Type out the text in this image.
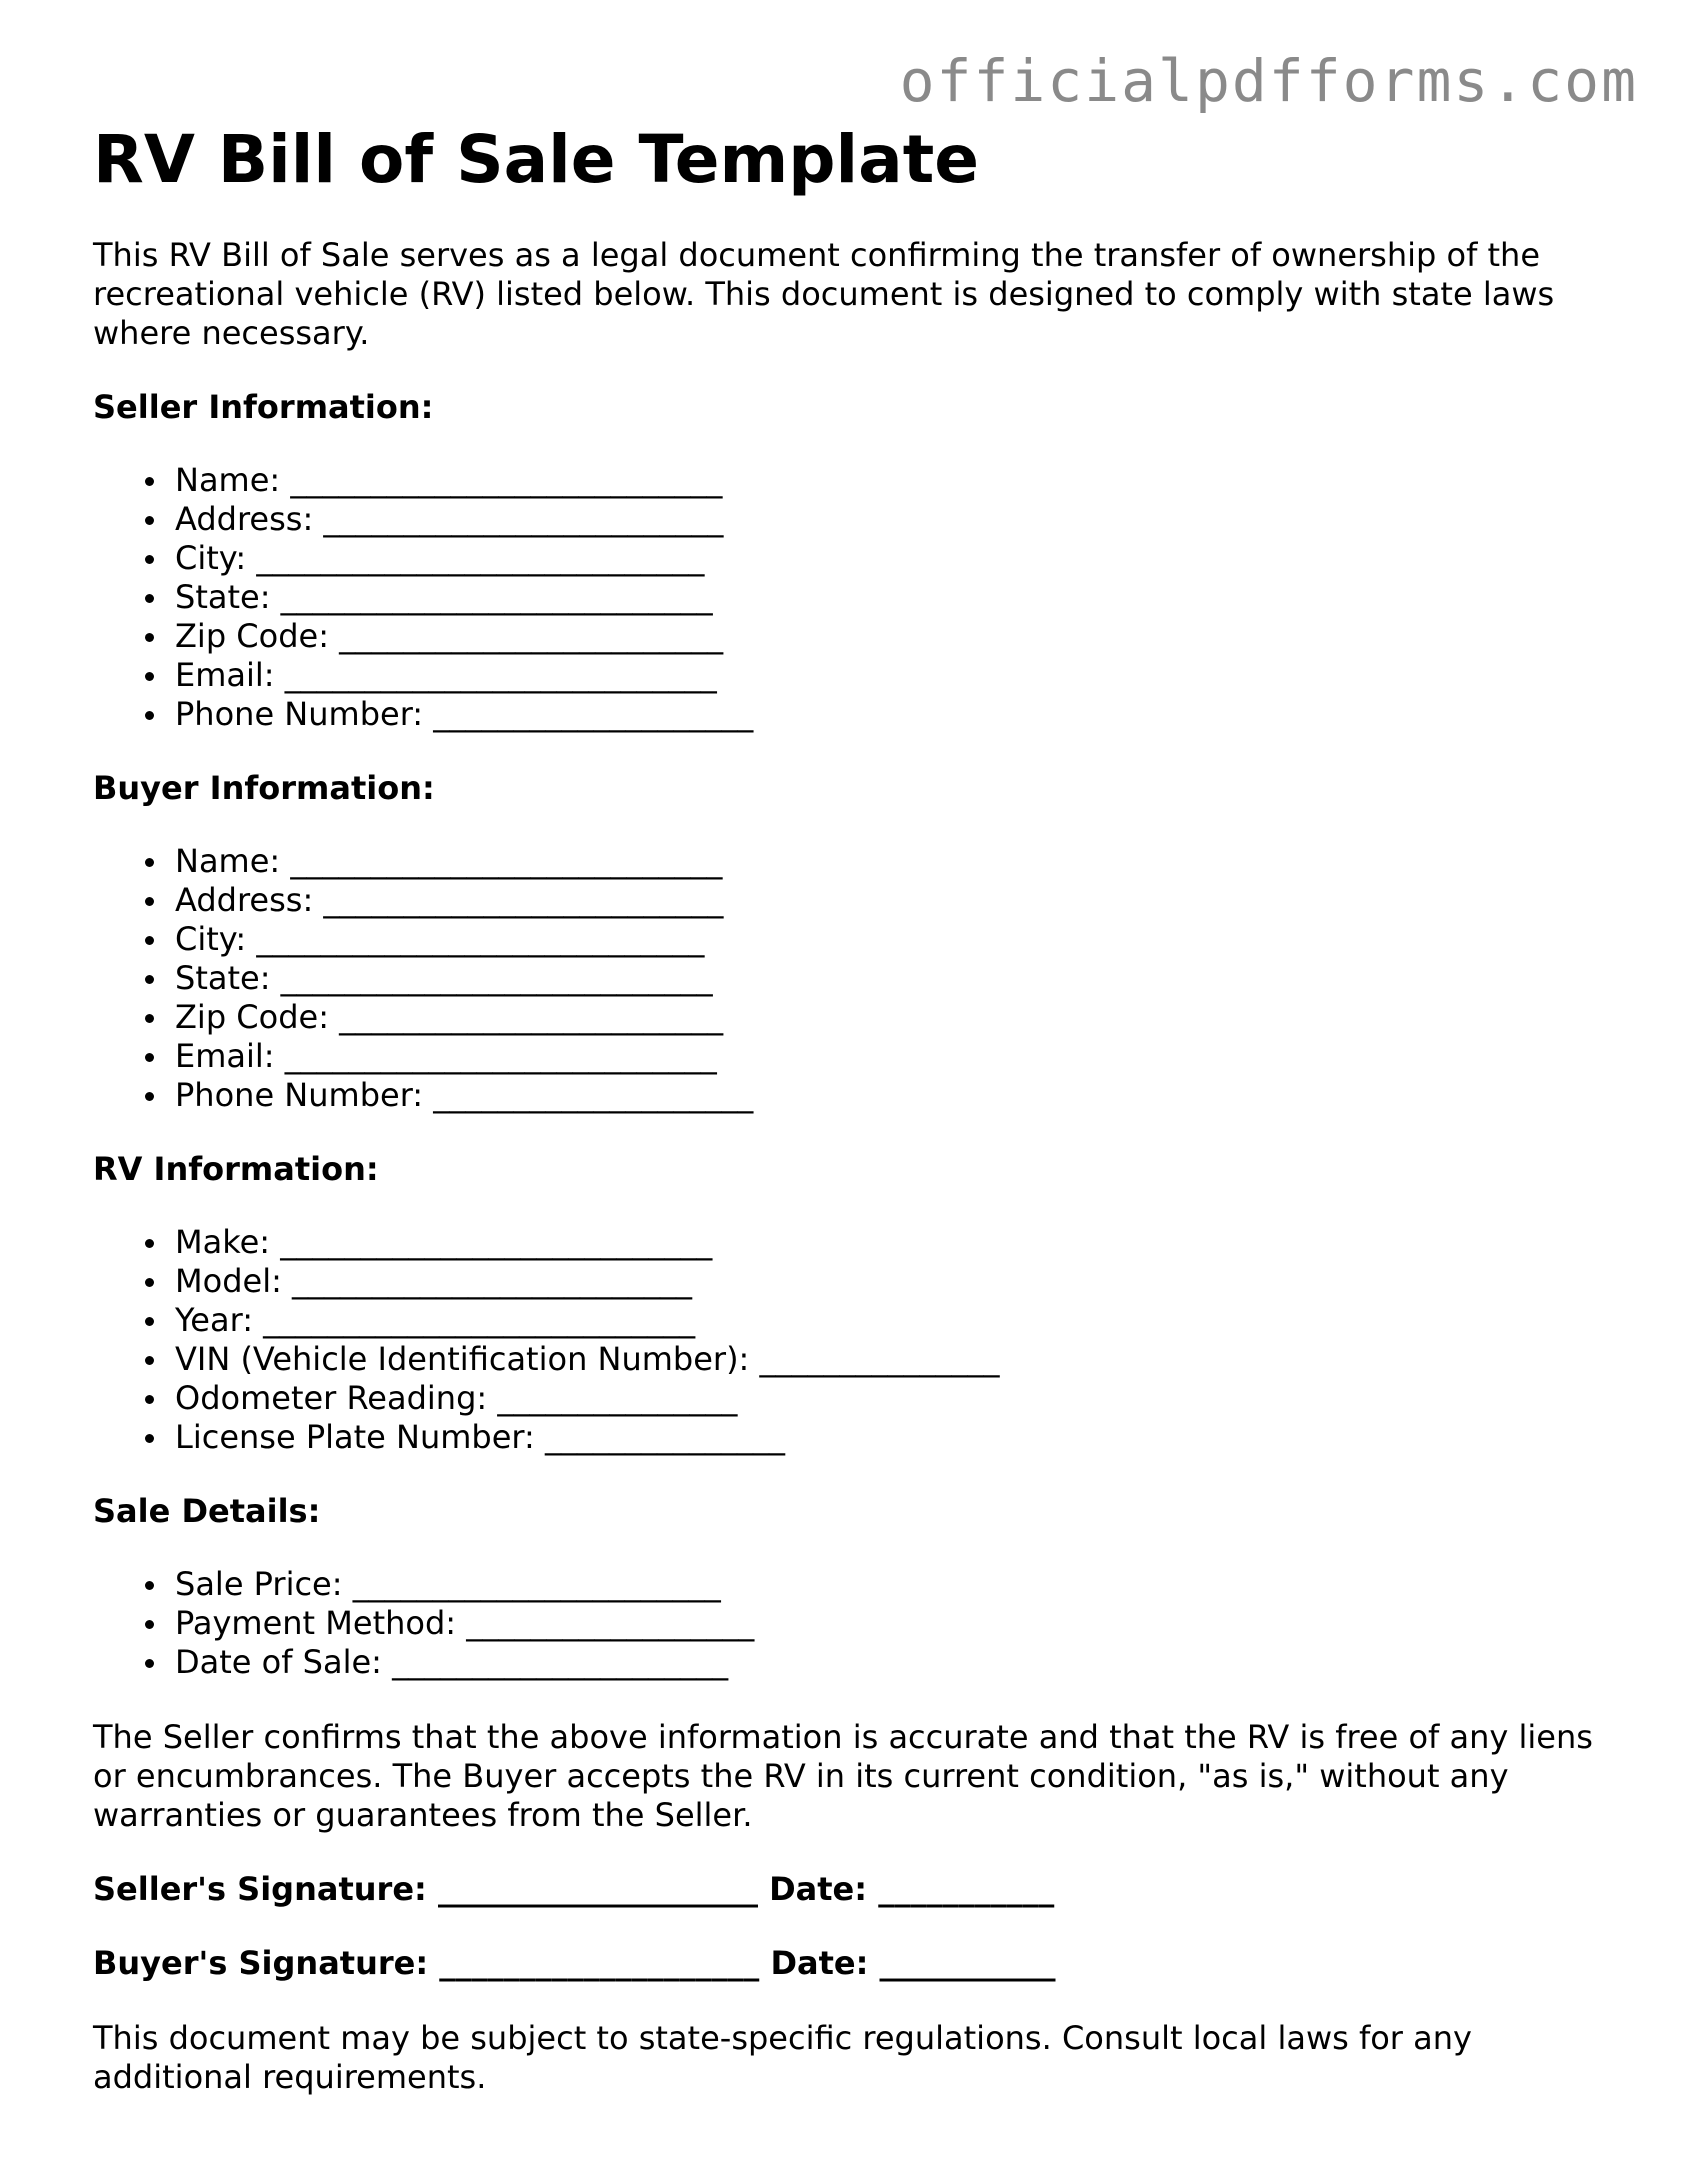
officialpdfforms.com
RV Bill of Sale Template

This RV Bill of Sale serves as a legal document confirming the transfer of ownership of the recreational vehicle (RV) listed below. This document is designed to comply with state laws where necessary.

Seller Information:
Name: ___________________________
Address: _________________________
City: ____________________________
State: ___________________________
Zip Code: ________________________
Email: ___________________________
Phone Number: ____________________
Buyer Information:
Name: ___________________________
Address: _________________________
City: ____________________________
State: ___________________________
Zip Code: ________________________
Email: ___________________________
Phone Number: ____________________
RV Information:
Make: ___________________________
Model: _________________________
Year: ___________________________
VIN (Vehicle Identification Number): _______________
Odometer Reading: _______________
License Plate Number: _______________
Sale Details:
Sale Price: _______________________
Payment Method: __________________
Date of Sale: _____________________

The Seller confirms that the above information is accurate and that the RV is free of any liens or encumbrances. The Buyer accepts the RV in its current condition, "as is," without any warranties or guarantees from the Seller.

Seller's Signature: ____________________ Date: ___________
Buyer's Signature: ____________________ Date: ___________

This document may be subject to state-specific regulations. Consult local laws for any additional requirements.
